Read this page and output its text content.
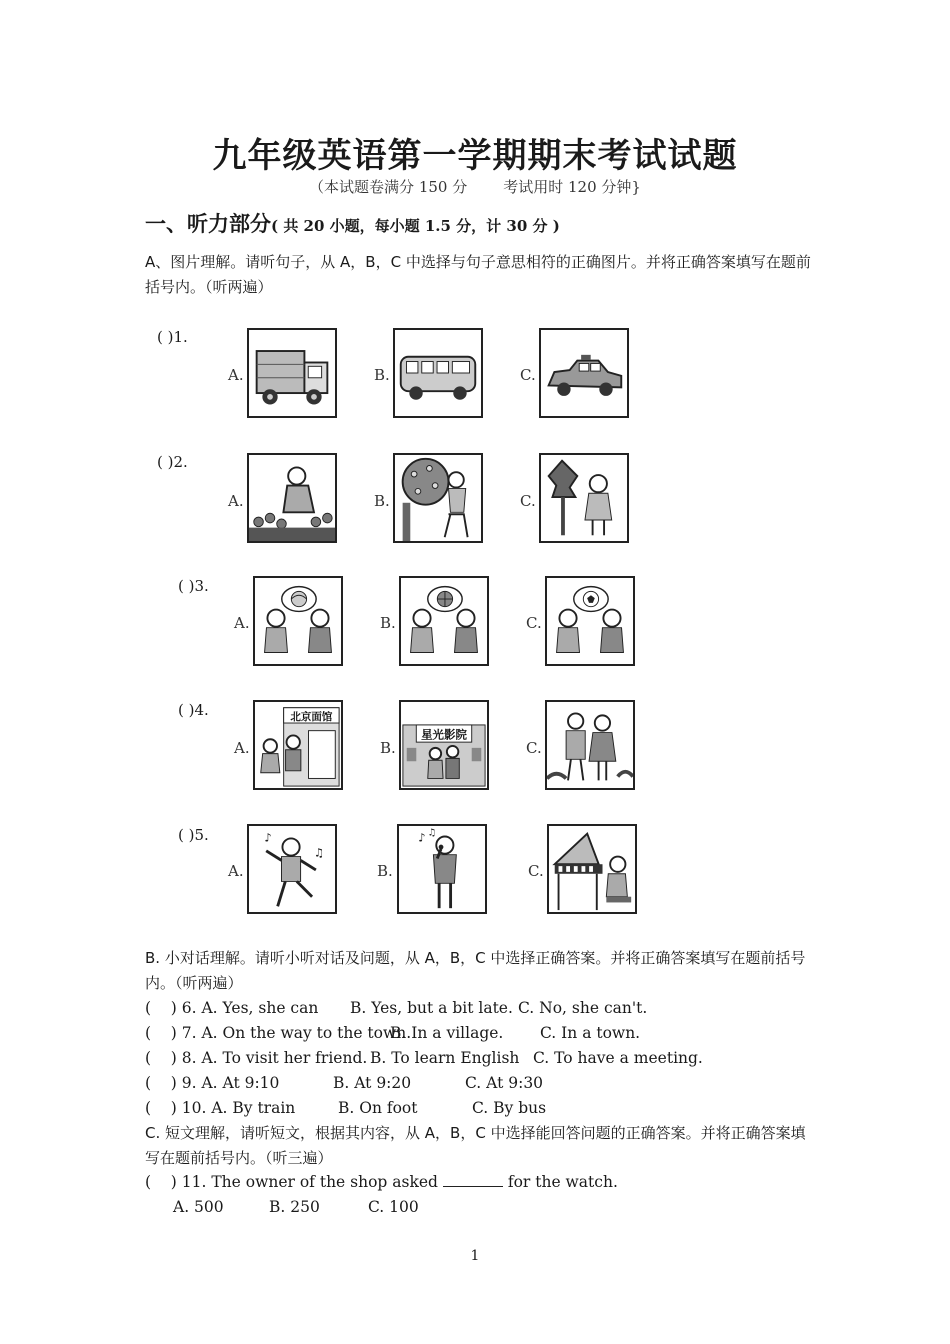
九年级英语第一学期期末考试试题
（本试题卷满分 150 分 考试用时 120 分钟}
一、听力部分( 共 20 小题，每小题 1.5 分，计 30 分 )
A、图片理解。请听句子，从 A，B，C 中选择与句子意思相符的正确图片。并将正确答案填写在题前括号内。（听两遍）
( )1.
A.	B.	C.
( )2.
A.	B.	C.
( )3.
A.	B.	C.
( )4.
A.
北京面馆
B.
星光影院
C.
( )5.
A.
♪
♫
B.
♪ ♫
C.
B. 小对话理解。请听小听对话及问题，从 A，B，C 中选择正确答案。并将正确答案填写在题前括号内。（听两遍）
(    ) 6. A. Yes, she can B. Yes, but a bit late. C. No, she can't.
(    ) 7. A. On the way to the town.
B. In a village. C. In a town.
(    ) 8. A. To visit her friend. B. To learn English C. To have a meeting.
(    ) 9. A. At 9:10	B. At 9:20	C. At 9:30
(    ) 10. A. By train	B. On foot	C. By bus
C. 短文理解，请听短文，根据其内容，从 A，B，C 中选择能回答问题的正确答案。并将正确答案填写在题前括号内。（听三遍）
(    ) 11. The owner of the shop asked	for the watch.
A. 500	B. 250	C. 100
1
